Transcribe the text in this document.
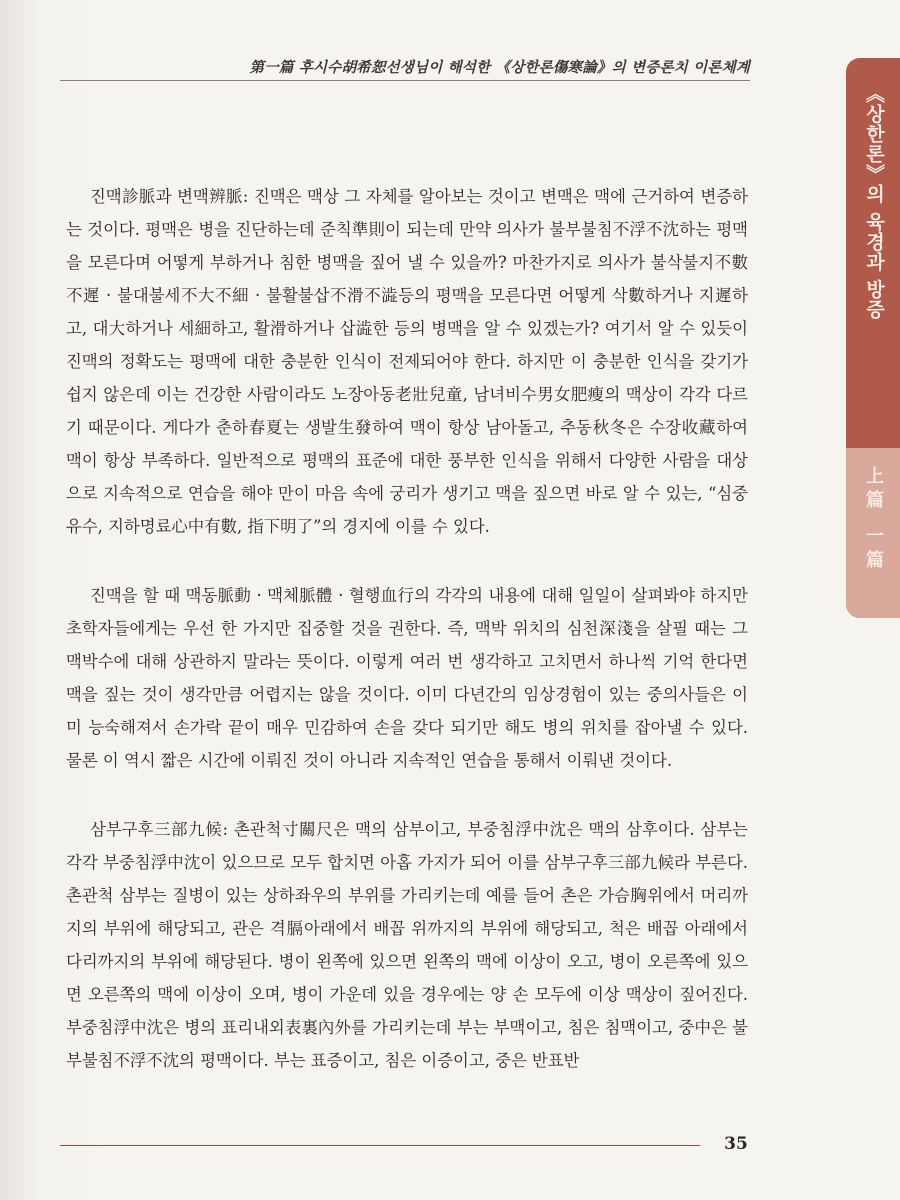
第一篇 후시수胡希恕선생님이 해석한 《상한론傷寒論》의 변증론치 이론체계
《상한론》의 육경과 방증
上篇 一篇

진맥診脈과 변맥辨脈: 진맥은 맥상 그 자체를 알아보는 것이고 변맥은 맥에 근거하여 변증하는 것이다. 평맥은 병을 진단하는데 준칙準則이 되는데 만약 의사가 불부불침不浮不沈하는 평맥을 모른다며 어떻게 부하거나 침한 병맥을 짚어 낼 수 있을까? 마찬가지로 의사가 불삭불지不數不遲 · 불대불세不大不細 · 불활불삽不滑不澁등의 평맥을 모른다면 어떻게 삭數하거나 지遲하고, 대大하거나 세細하고, 활滑하거나 삽澁한 등의 병맥을 알 수 있겠는가? 여기서 알 수 있듯이 진맥의 정확도는 평맥에 대한 충분한 인식이 전제되어야 한다. 하지만 이 충분한 인식을 갖기가 쉽지 않은데 이는 건강한 사람이라도 노장아동老壯兒童, 남녀비수男女肥瘦의 맥상이 각각 다르기 때문이다. 게다가 춘하春夏는 생발生發하여 맥이 항상 남아돌고, 추동秋冬은 수장收藏하여 맥이 항상 부족하다. 일반적으로 평맥의 표준에 대한 풍부한 인식을 위해서 다양한 사람을 대상으로 지속적으로 연습을 해야 만이 마음 속에 궁리가 생기고 맥을 짚으면 바로 알 수 있는, “심중유수, 지하명료心中有數, 指下明了”의 경지에 이를 수 있다.

진맥을 할 때 맥동脈動 · 맥체脈體 · 혈행血行의 각각의 내용에 대해 일일이 살펴봐야 하지만 초학자들에게는 우선 한 가지만 집중할 것을 권한다. 즉, 맥박 위치의 심천深淺을 살필 때는 그 맥박수에 대해 상관하지 말라는 뜻이다. 이렇게 여러 번 생각하고 고치면서 하나씩 기억 한다면 맥을 짚는 것이 생각만큼 어렵지는 않을 것이다. 이미 다년간의 임상경험이 있는 중의사들은 이미 능숙해져서 손가락 끝이 매우 민감하여 손을 갖다 되기만 해도 병의 위치를 잡아낼 수 있다. 물론 이 역시 짧은 시간에 이뤄진 것이 아니라 지속적인 연습을 통해서 이뤄낸 것이다.

삼부구후三部九候: 촌관척寸關尺은 맥의 삼부이고, 부중침浮中沈은 맥의 삼후이다. 삼부는 각각 부중침浮中沈이 있으므로 모두 합치면 아홉 가지가 되어 이를 삼부구후三部九候라 부른다. 촌관척 삼부는 질병이 있는 상하좌우의 부위를 가리키는데 예를 들어 촌은 가슴胸위에서 머리까지의 부위에 해당되고, 관은 격膈아래에서 배꼽 위까지의 부위에 해당되고, 척은 배꼽 아래에서 다리까지의 부위에 해당된다. 병이 왼쪽에 있으면 왼쪽의 맥에 이상이 오고, 병이 오른쪽에 있으면 오른쪽의 맥에 이상이 오며, 병이 가운데 있을 경우에는 양 손 모두에 이상 맥상이 짚어진다. 부중침浮中沈은 병의 표리내외表裏內外를 가리키는데 부는 부맥이고, 침은 침맥이고, 중中은 불부불침不浮不沈의 평맥이다. 부는 표증이고, 침은 이증이고, 중은 반표반

35
